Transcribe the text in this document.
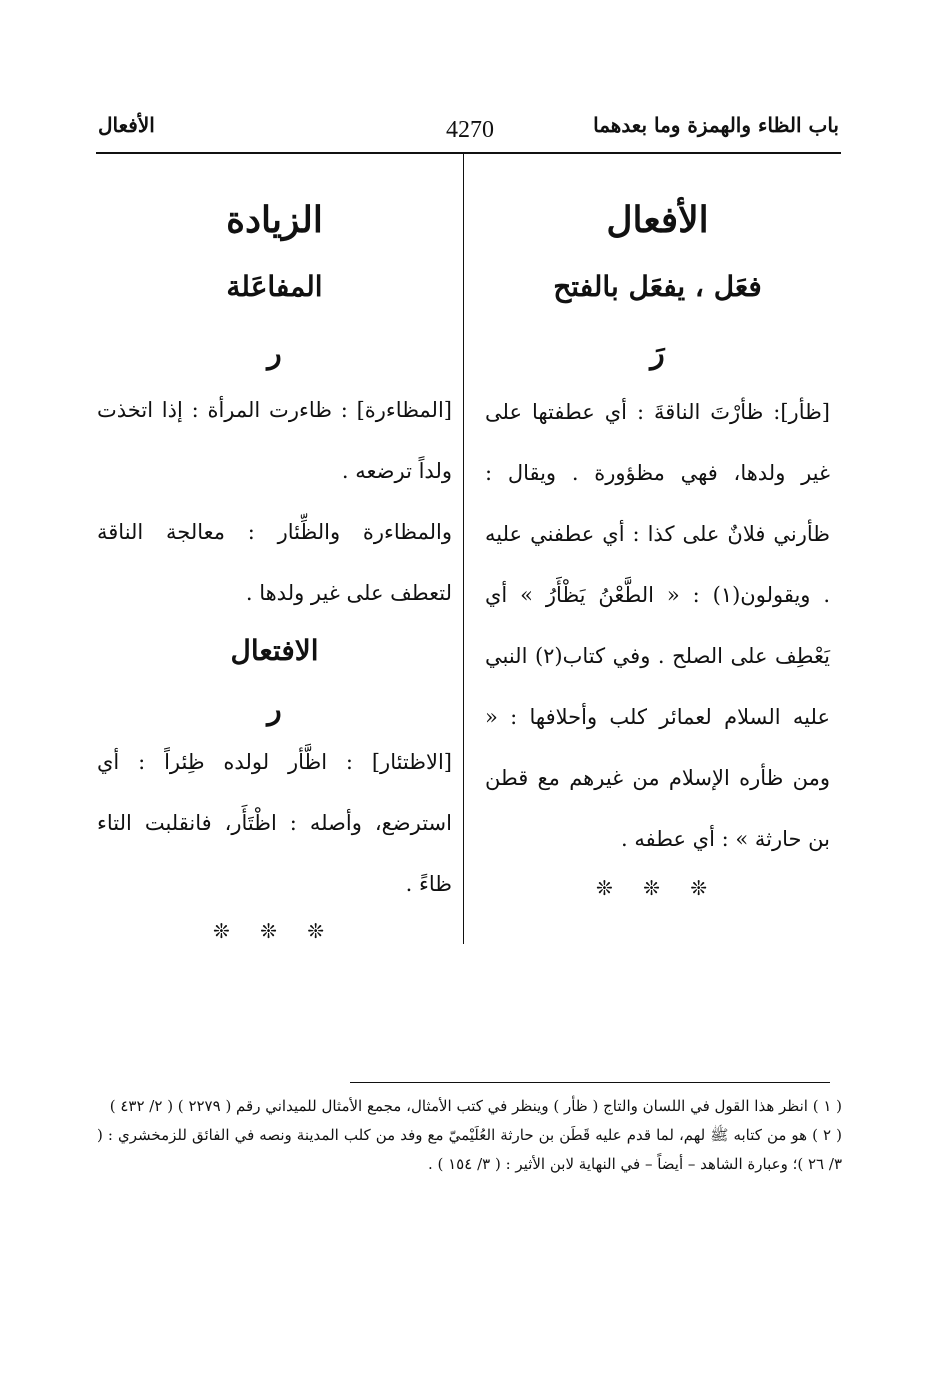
باب الظاء والهمزة وما بعدهما
4270
الأفعال

الأفعال

فعَل ، يفعَل بالفتح

رَ

[ظأر]: ظأرْتَ الناقةَ : أي عطفتها على غير ولدها، فهي مظؤورة . ويقال : ظأرني فلانٌ على كذا : أي عطفني عليه . ويقولون(١) : « الطَّعْنُ يَظْأَرُ » أي يَعْطِف على الصلح . وفي كتاب(٢) النبي عليه السلام لعمائر كلب وأحلافها : « ومن ظأره الإسلام من غيرهم مع قطن بن حارثة » : أي عطفه .

❊ ❊ ❊

الزيادة

المفاعَلة

ر

[المظاءرة] : ظاءرت المرأة : إذا اتخذت ولداً ترضعه .

والمظاءرة والظِّئار : معالجة الناقة لتعطف على غير ولدها .

الافتعال

ر

[الاظتئار] : اظَّأر لولده ظِئراً : أي استرضع، وأصله : اظْتَأَر، فانقلبت التاء ظاءً .

❊ ❊ ❊

( ١ ) انظر هذا القول في اللسان والتاج ( ظأر ) وينظر في كتب الأمثال، مجمع الأمثال للميداني رقم ( ٢٢٧٩ ) ( ٢/ ٤٣٢ )

( ٢ ) هو من كتابه ﷺ لهم، لما قدم عليه قَطَن بن حارثة العُلَيْميّ مع وفد من كلب المدينة ونصه في الفائق للزمخشري : ( ٣/ ٢٦ )؛ وعبارة الشاهد – أيضاً – في النهاية لابن الأثير : ( ٣/ ١٥٤ ) .
